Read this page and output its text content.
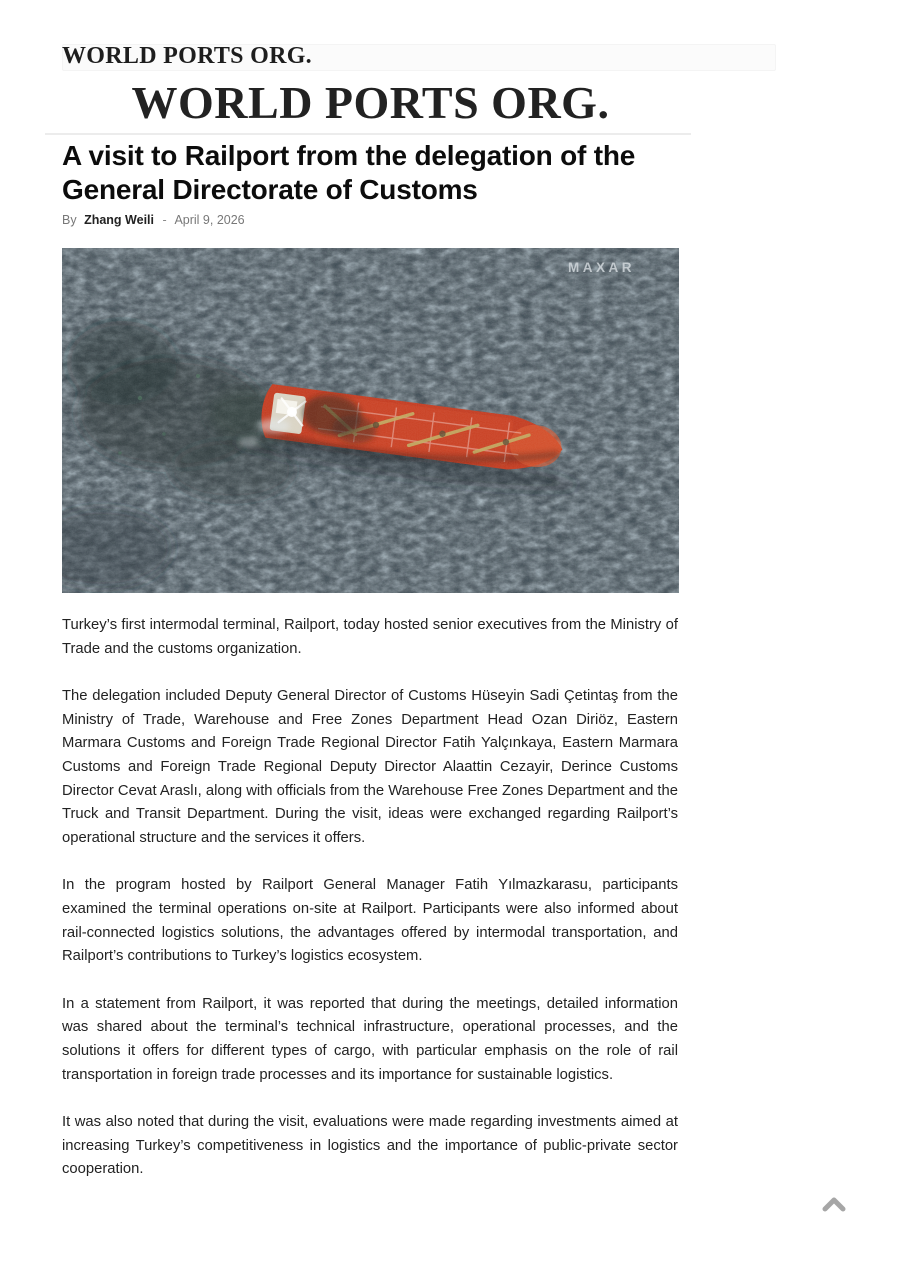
WORLD PORTS ORG.
WORLD PORTS ORG.
A visit to Railport from the delegation of the General Directorate of Customs
By Zhang Weili - April 9, 2026
MAXAR

Turkey’s first intermodal terminal, Railport, today hosted senior executives from the Ministry of Trade and the customs organization.

The delegation included Deputy General Director of Customs Hüseyin Sadi Çetintaş from the Ministry of Trade, Warehouse and Free Zones Department Head Ozan Diriöz, Eastern Marmara Customs and Foreign Trade Regional Director Fatih Yalçınkaya, Eastern Marmara Customs and Foreign Trade Regional Deputy Director Alaattin Cezayir, Derince Customs Director Cevat Araslı, along with officials from the Warehouse Free Zones Department and the Truck and Transit Department. During the visit, ideas were exchanged regarding Railport’s operational structure and the services it offers.

In the program hosted by Railport General Manager Fatih Yılmazkarasu, participants examined the terminal operations on-site at Railport. Participants were also informed about rail-connected logistics solutions, the advantages offered by intermodal transportation, and Railport’s contributions to Turkey’s logistics ecosystem.

In a statement from Railport, it was reported that during the meetings, detailed information was shared about the terminal’s technical infrastructure, operational processes, and the solutions it offers for different types of cargo, with particular emphasis on the role of rail transportation in foreign trade processes and its importance for sustainable logistics.

It was also noted that during the visit, evaluations were made regarding investments aimed at increasing Turkey’s competitiveness in logistics and the importance of public-private sector cooperation.
